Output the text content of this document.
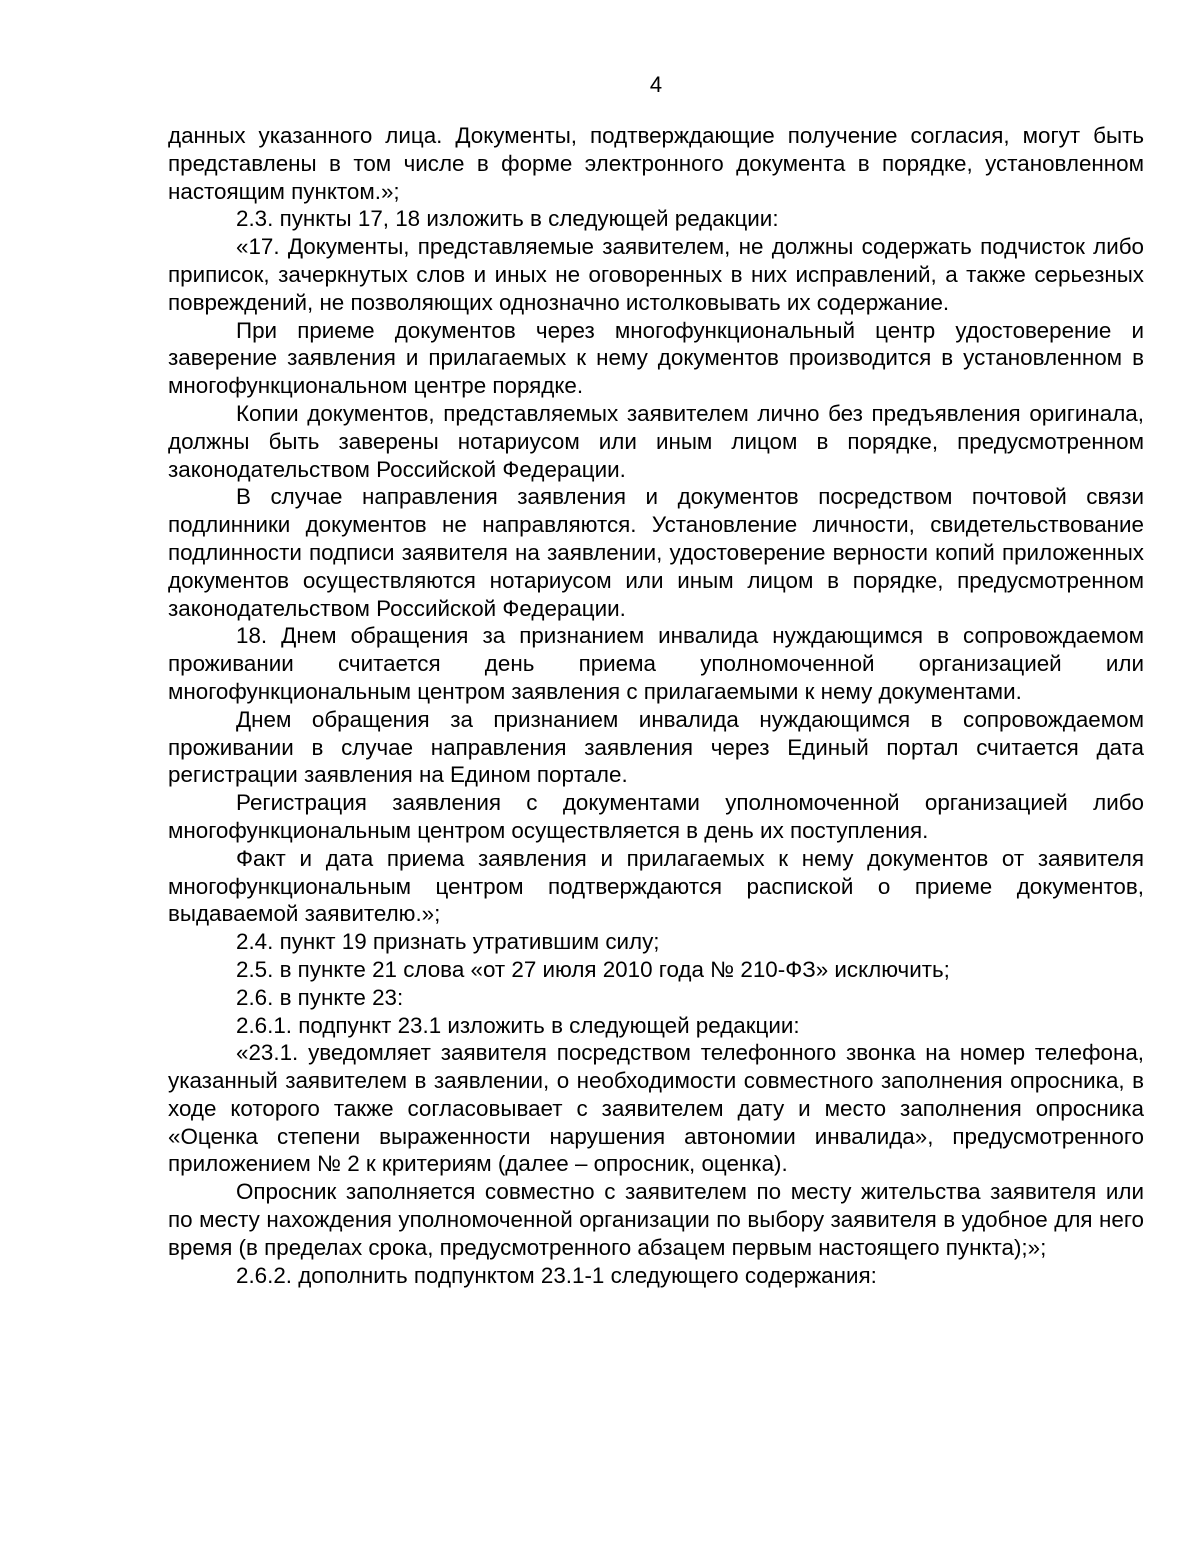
4

данных указанного лица. Документы, подтверждающие получение согласия, могут быть представлены в том числе в форме электронного документа в порядке, установленном настоящим пунктом.»;

2.3. пункты 17, 18 изложить в следующей редакции:

«17. Документы, представляемые заявителем, не должны содержать подчисток либо приписок, зачеркнутых слов и иных не оговоренных в них исправлений, а также серьезных повреждений, не позволяющих однозначно истолковывать их содержание.

При приеме документов через многофункциональный центр удостоверение и заверение заявления и прилагаемых к нему документов производится в установленном в многофункциональном центре порядке.

Копии документов, представляемых заявителем лично без предъявления оригинала, должны быть заверены нотариусом или иным лицом в порядке, предусмотренном законодательством Российской Федерации.

В случае направления заявления и документов посредством почтовой связи подлинники документов не направляются. Установление личности, свидетельствование подлинности подписи заявителя на заявлении, удостоверение верности копий приложенных документов осуществляются нотариусом или иным лицом в порядке, предусмотренном законодательством Российской Федерации.

18. Днем обращения за признанием инвалида нуждающимся в сопровождаемом проживании считается день приема уполномоченной организацией или многофункциональным центром заявления с прилагаемыми к нему документами.

Днем обращения за признанием инвалида нуждающимся в сопровождаемом проживании в случае направления заявления через Единый портал считается дата регистрации заявления на Едином портале.

Регистрация заявления с документами уполномоченной организацией либо многофункциональным центром осуществляется в день их поступления.

Факт и дата приема заявления и прилагаемых к нему документов от заявителя многофункциональным центром подтверждаются распиской о приеме документов, выдаваемой заявителю.»;

2.4. пункт 19 признать утратившим силу;

2.5. в пункте 21 слова «от 27 июля 2010 года № 210-ФЗ» исключить;

2.6. в пункте 23:

2.6.1. подпункт 23.1 изложить в следующей редакции:

«23.1. уведомляет заявителя посредством телефонного звонка на номер телефона, указанный заявителем в заявлении, о необходимости совместного заполнения опросника, в ходе которого также согласовывает с заявителем дату и место заполнения опросника «Оценка степени выраженности нарушения автономии инвалида», предусмотренного приложением № 2 к критериям (далее – опросник, оценка).

Опросник заполняется совместно с заявителем по месту жительства заявителя или по месту нахождения уполномоченной организации по выбору заявителя в удобное для него время (в пределах срока, предусмотренного абзацем первым настоящего пункта);»;

2.6.2. дополнить подпунктом 23.1-1 следующего содержания:
